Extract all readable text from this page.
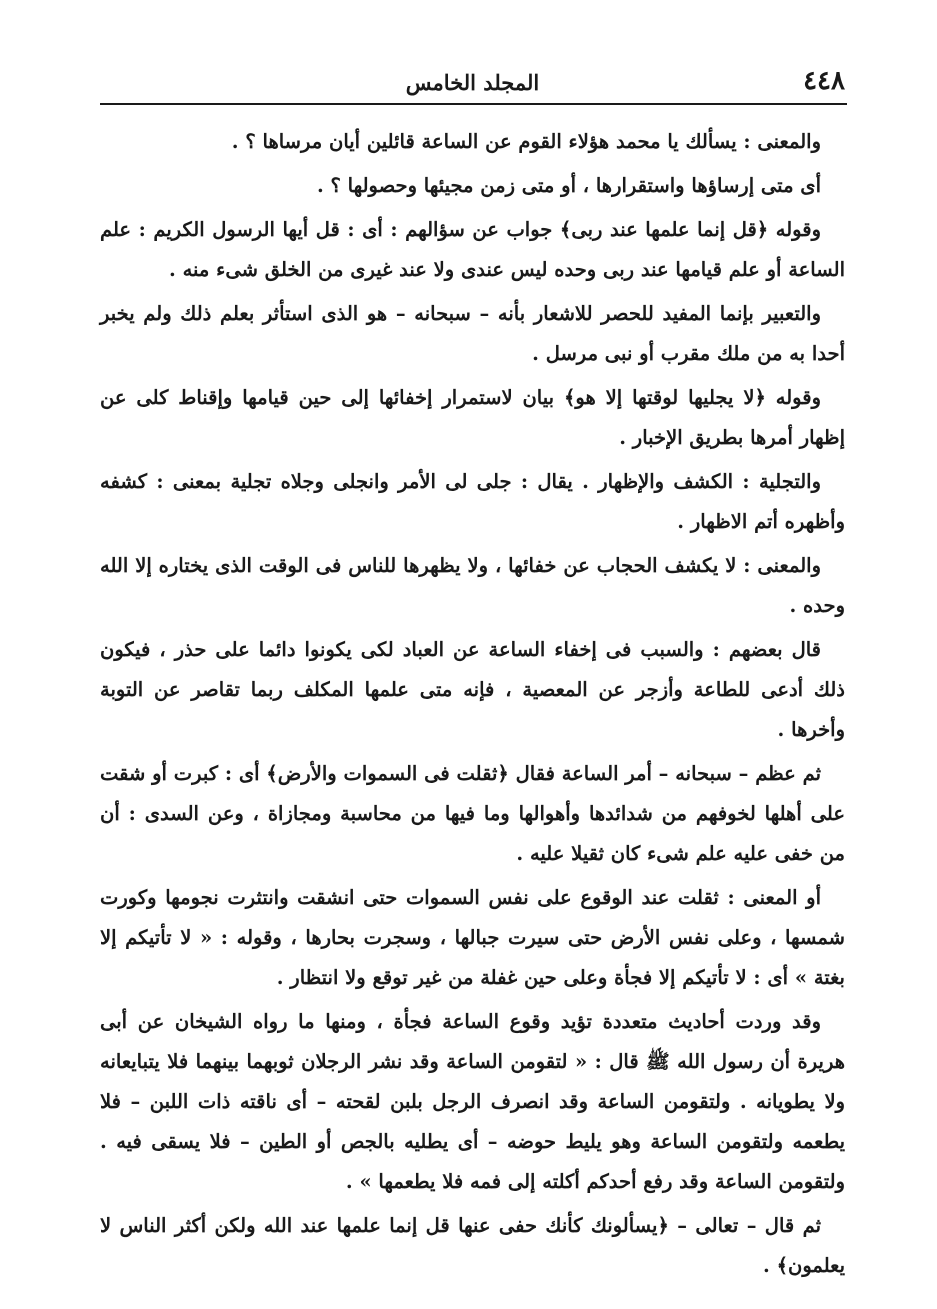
٤٤٨
المجلد الخامس

والمعنى : يسألك يا محمد هؤلاء القوم عن الساعة قائلين أيان مرساها ؟ .

أى متى إرساؤها واستقرارها ، أو متى زمن مجيئها وحصولها ؟ .

وقوله ﴿قل إنما علمها عند ربى﴾ جواب عن سؤالهم : أى : قل أيها الرسول الكريم : علم الساعة أو علم قيامها عند ربى وحده ليس عندى ولا عند غيرى من الخلق شىء منه .

والتعبير بإنما المفيد للحصر للاشعار بأنه – سبحانه – هو الذى استأثر بعلم ذلك ولم يخبر أحدا به من ملك مقرب أو نبى مرسل .

وقوله ﴿لا يجليها لوقتها إلا هو﴾ بيان لاستمرار إخفائها إلى حين قيامها وإقناط كلى عن إظهار أمرها بطريق الإخبار .

والتجلية : الكشف والإظهار . يقال : جلى لى الأمر وانجلى وجلاه تجلية بمعنى : كشفه وأظهره أتم الاظهار .

والمعنى : لا يكشف الحجاب عن خفائها ، ولا يظهرها للناس فى الوقت الذى يختاره إلا الله وحده .

قال بعضهم : والسبب فى إخفاء الساعة عن العباد لكى يكونوا دائما على حذر ، فيكون ذلك أدعى للطاعة وأزجر عن المعصية ، فإنه متى علمها المكلف ربما تقاصر عن التوبة وأخرها .

ثم عظم – سبحانه – أمر الساعة فقال ﴿ثقلت فى السموات والأرض﴾ أى : كبرت أو شقت على أهلها لخوفهم من شدائدها وأهوالها وما فيها من محاسبة ومجازاة ، وعن السدى : أن من خفى عليه علم شىء كان ثقيلا عليه .

أو المعنى : ثقلت عند الوقوع على نفس السموات حتى انشقت وانتثرت نجومها وكورت شمسها ، وعلى نفس الأرض حتى سيرت جبالها ، وسجرت بحارها ، وقوله : « لا تأتيكم إلا بغتة » أى : لا تأتيكم إلا فجأة وعلى حين غفلة من غير توقع ولا انتظار .

وقد وردت أحاديث متعددة تؤيد وقوع الساعة فجأة ، ومنها ما رواه الشيخان عن أبى هريرة أن رسول الله ﷺ قال : « لتقومن الساعة وقد نشر الرجلان ثوبهما بينهما فلا يتبايعانه ولا يطويانه . ولتقومن الساعة وقد انصرف الرجل بلبن لقحته – أى ناقته ذات اللبن – فلا يطعمه ولتقومن الساعة وهو يليط حوضه – أى يطليه بالجص أو الطين – فلا يسقى فيه . ولتقومن الساعة وقد رفع أحدكم أكلته إلى فمه فلا يطعمها » .

ثم قال – تعالى – ﴿يسألونك كأنك حفى عنها قل إنما علمها عند الله ولكن أكثر الناس لا يعلمون﴾ .
